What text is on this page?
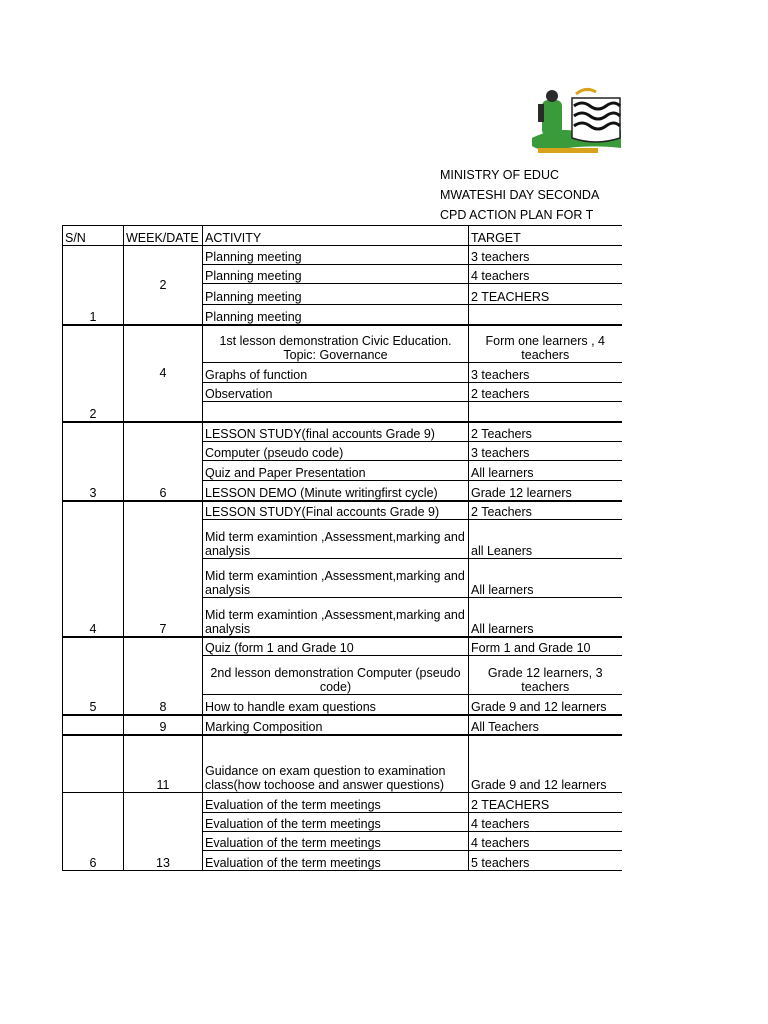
MINISTRY OF EDUC
MWATESHI DAY SECONDA
CPD ACTION PLAN FOR T
S/N	WEEK/DATE	ACTIVITY	TARGET
1	2	Planning meeting	3 teachers
		Planning meeting	4 teachers
		Planning meeting	2 TEACHERS
		Planning meeting	
2	4	1st lesson demonstration Civic Education. Topic: Governance	Form one learners , 4 teachers
		Graphs of function	3 teachers
		Observation	2 teachers

3	6	LESSON STUDY(final accounts Grade 9)	2 Teachers
		Computer (pseudo code)	3 teachers
		Quiz and Paper Presentation	All learners
		LESSON DEMO (Minute writingfirst cycle)	Grade 12 learners
4	7	LESSON STUDY(Final accounts Grade 9)	2 Teachers
		Mid term examintion ,Assessment,marking and analysis	all Leaners
		Mid term examintion ,Assessment,marking and analysis	All learners
		Mid term examintion ,Assessment,marking and analysis	All learners
5	8	Quiz (form 1 and Grade 10	Form 1 and Grade 10
		2nd lesson demonstration Computer (pseudo code)	Grade 12 learners, 3 teachers
		How to handle exam questions	Grade 9 and 12 learners
	9	Marking Composition	All Teachers
	11	Guidance on exam question to examination class(how tochoose and answer questions)	Grade 9 and 12 learners
6	13	Evaluation of the term meetings	2 TEACHERS
		Evaluation of the term meetings	4 teachers
		Evaluation of the term meetings	4 teachers
		Evaluation of the term meetings	5 teachers
